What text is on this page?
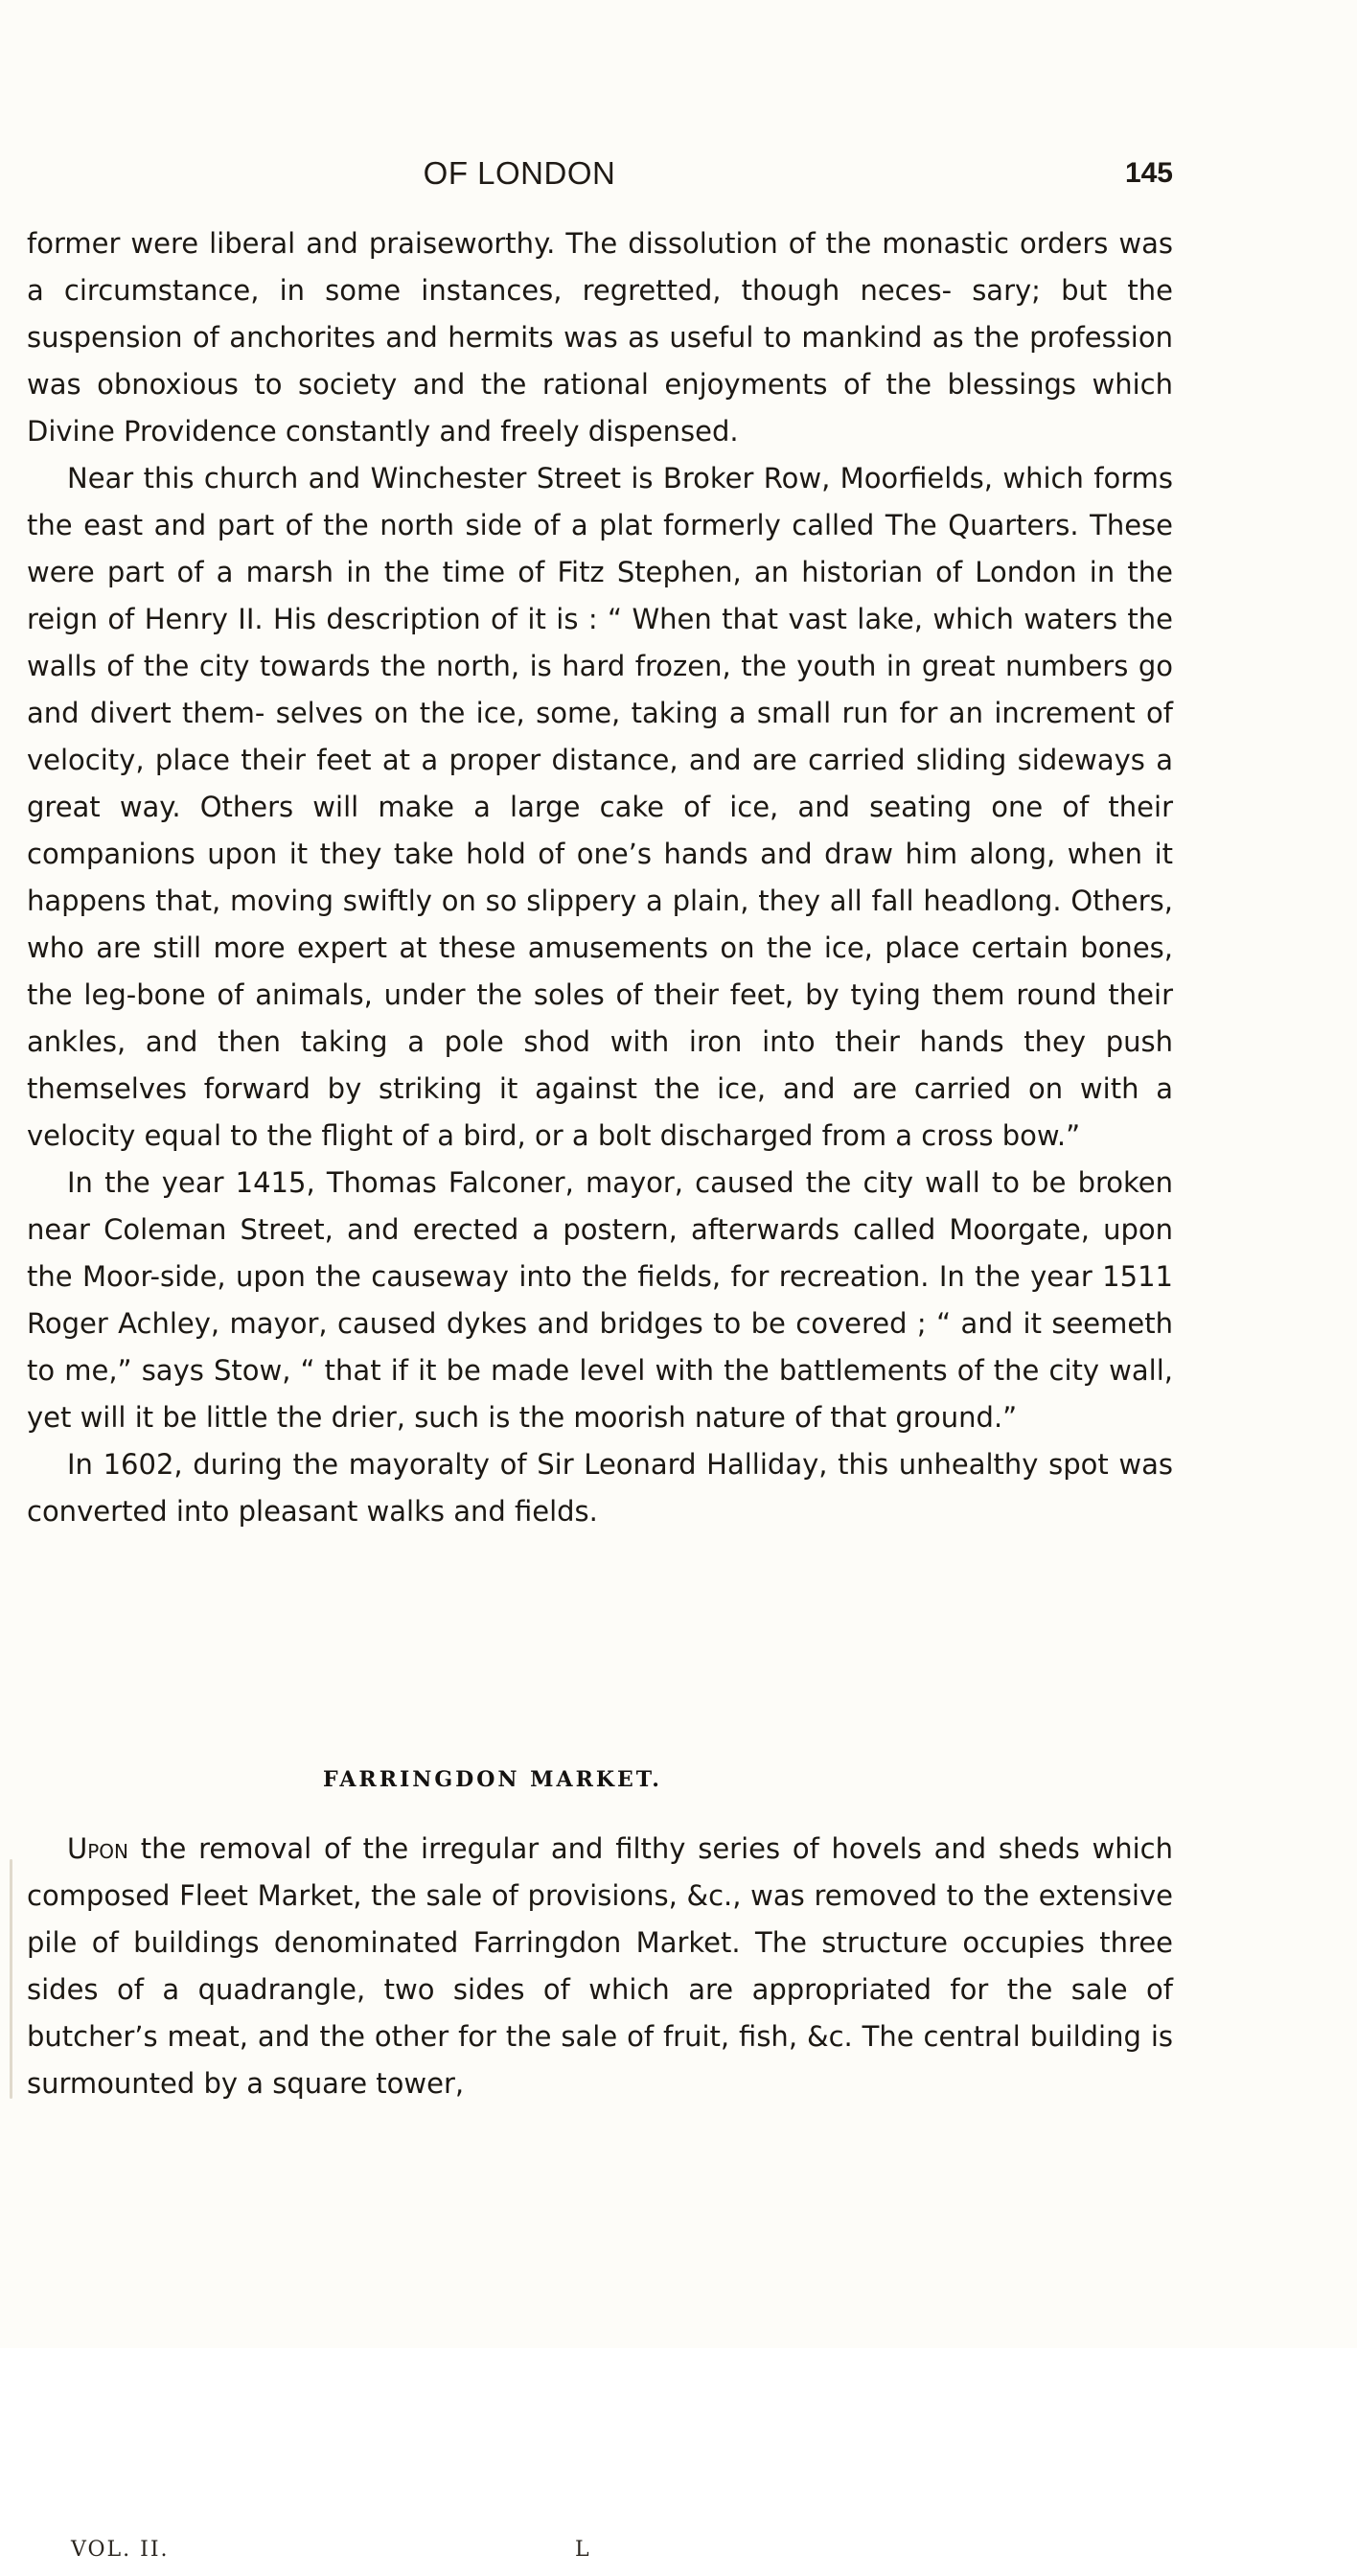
OF LONDON	145

former were liberal and praiseworthy. The dissolution of the monastic orders was a circumstance, in some instances, regretted, though neces- sary; but the suspension of anchorites and hermits was as useful to mankind as the profession was obnoxious to society and the rational enjoyments of the blessings which Divine Providence constantly and freely dispensed.

Near this church and Winchester Street is Broker Row, Moorfields, which forms the east and part of the north side of a plat formerly called The Quarters. These were part of a marsh in the time of Fitz Stephen, an historian of London in the reign of Henry II. His description of it is : “ When that vast lake, which waters the walls of the city towards the north, is hard frozen, the youth in great numbers go and divert them- selves on the ice, some, taking a small run for an increment of velocity, place their feet at a proper distance, and are carried sliding sideways a great way. Others will make a large cake of ice, and seating one of their companions upon it they take hold of one’s hands and draw him along, when it happens that, moving swiftly on so slippery a plain, they all fall headlong. Others, who are still more expert at these amusements on the ice, place certain bones, the leg-bone of animals, under the soles of their feet, by tying them round their ankles, and then taking a pole shod with iron into their hands they push themselves forward by striking it against the ice, and are carried on with a velocity equal to the flight of a bird, or a bolt discharged from a cross bow.”

In the year 1415, Thomas Falconer, mayor, caused the city wall to be broken near Coleman Street, and erected a postern, afterwards called Moorgate, upon the Moor-side, upon the causeway into the fields, for recreation. In the year 1511 Roger Achley, mayor, caused dykes and bridges to be covered ; “ and it seemeth to me,” says Stow, “ that if it be made level with the battlements of the city wall, yet will it be little the drier, such is the moorish nature of that ground.”

In 1602, during the mayoralty of Sir Leonard Halliday, this unhealthy spot was converted into pleasant walks and fields.

FARRINGDON MARKET.

Upon the removal of the irregular and filthy series of hovels and sheds which composed Fleet Market, the sale of provisions, &c., was removed to the extensive pile of buildings denominated Farringdon Market. The structure occupies three sides of a quadrangle, two sides of which are appropriated for the sale of butcher’s meat, and the other for the sale of fruit, fish, &c. The central building is surmounted by a square tower,

VOL. II.	L
